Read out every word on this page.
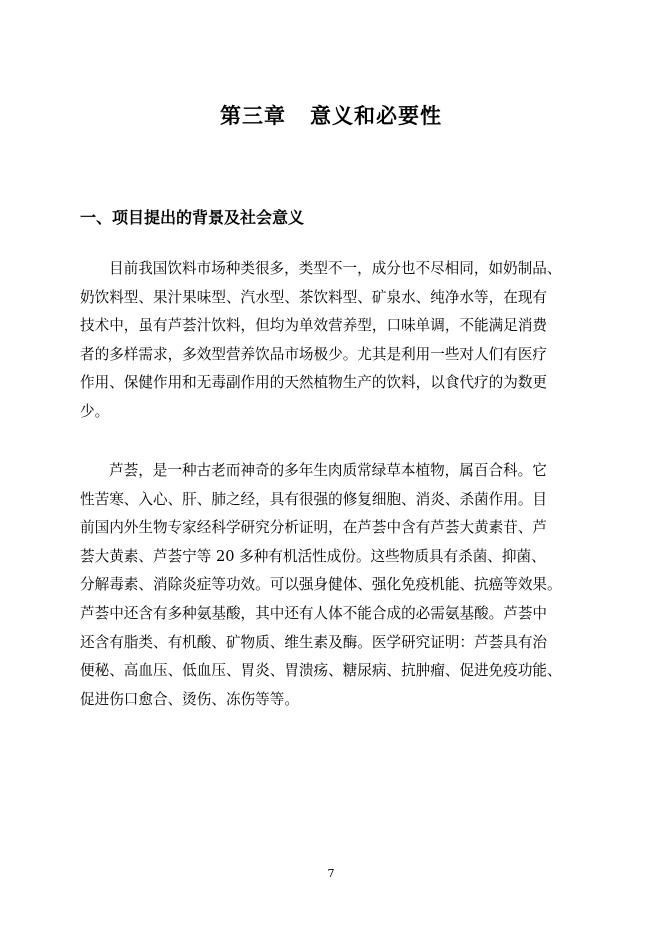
第三章 意义和必要性
一、项目提出的背景及社会意义
目前我国饮料市场种类很多，类型不一，成分也不尽相同，如奶制品、
奶饮料型、果汁果味型、汽水型、茶饮料型、矿泉水、纯净水等，在现有
技术中，虽有芦荟汁饮料，但均为单效营养型，口味单调，不能满足消费
者的多样需求，多效型营养饮品市场极少。尤其是利用一些对人们有医疗
作用、保健作用和无毒副作用的天然植物生产的饮料，以食代疗的为数更
少。
芦荟，是一种古老而神奇的多年生肉质常绿草本植物，属百合科。它
性苦寒、入心、肝、肺之经，具有很强的修复细胞、消炎、杀菌作用。目
前国内外生物专家经科学研究分析证明，在芦荟中含有芦荟大黄素苷、芦
荟大黄素、芦荟宁等 20 多种有机活性成份。这些物质具有杀菌、抑菌、
分解毒素、消除炎症等功效。可以强身健体、强化免疫机能、抗癌等效果。
芦荟中还含有多种氨基酸，其中还有人体不能合成的必需氨基酸。芦荟中
还含有脂类、有机酸、矿物质、维生素及酶。医学研究证明：芦荟具有治
便秘、高血压、低血压、胃炎、胃溃疡、糖尿病、抗肿瘤、促进免疫功能、
促进伤口愈合、烫伤、冻伤等等。
7
